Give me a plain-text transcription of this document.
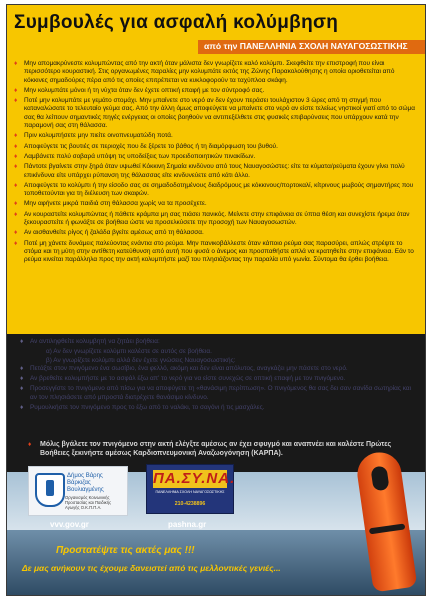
Συμβουλές για ασφαλή κολύμβηση
από την ΠΑΝΕΛΛΗΝΙΑ ΣΧΟΛΗ ΝΑΥΑΓΟΣΩΣΤΙΚΗΣ
♦ Μην απομακρύνεστε κολυμπώντας από την ακτή όταν μάλιστα δεν γνωρίζετε καλό κολύμπι. Σκεφθείτε την επιστροφή που είναι περισσότερο κουραστική. Στις οργανωμένες παραλίες μην κολυμπάτε εκτός της Ζώνης Παρακολούθησης η οποία οριοθετείται από κόκκινες σημαδούρες πέρα από τις οποίες επιτρέπεται να κυκλοφορούν τα ταχύπλοα σκάφη.
♦ Μην κολυμπάτε μόνοι ή τη νύχτα όταν δεν έχετε οπτική επαφή με τον σύντροφό σας.
♦ Ποτέ μην κολυμπάτε με γεμάτο στομάχι. Μην μπαίνετε στο νερό αν δεν έχουν περάσει τουλάχιστον 3 ώρες από τη στιγμή που καταναλώσατε το τελευταίο γεύμα σας. Από την άλλη όμως αποφεύγετε να μπαίνετε στο νερό αν είστε τελείως νηστικοί γιατί από το σώμα σας θα λείπουν σημαντικές πηγές ενέργειας οι οποίες βοηθούν να αντιπεξέλθετε στις φυσικές επιβαρύνσεις που υπάρχουν κατά την παραμονή σας στη θάλασσα.
♦ Πριν κολυμπήσετε μην πιείτε οινοπνευματώδη ποτά.
♦ Αποφεύγετε τις βουτιές σε περιοχές που δε ξέρετε το βάθος ή τη διαμόρφωση του βυθού.
♦ Λαμβάνετε πολύ σοβαρά υπόψη τις υποδείξεις των προειδοποιητικών πινακίδων.
♦ Πάντοτε βγαίνετε στην ξηρά όταν υψωθεί Κόκκινη Σημαία κινδύνου από τους Ναυαγοσώστες: είτε τα κύματα/ρεύματα έχουν γίνει πολύ επικίνδυνα είτε υπάρχει ρύπανση της θάλασσας είτε κινδυνεύετε από κάτι άλλο.
♦ Αποφεύγετε το κολύμπι ή την είσοδο σας σε σημαδοδοτημένους διαδρόμους με κόκκινους/πορτοκαλί, κίτρινους μωβούς σημαντήρες που τοποθετούνται για τη διέλευση των σκαφών.
♦ Μην αφήνετε μικρά παιδιά στη θάλασσα χωρίς να τα προσέχετε.
♦ Αν κουραστείτε κολυμπώντας ή πάθετε κράμπα μη σας πιάσει πανικός. Μείνετε στην επιφάνεια σε ύπτια θέση και συνεχίστε ήρεμα όταν ξεκουραστείτε ή φωνάξτε σε βοήθεια ώστε να προσελκύσετε την προσοχή των Ναυαγοσωστών.
♦ Αν αισθανθείτε ρίγος ή ζαλάδα βγείτε αμέσως από τη θάλασσα.
♦ Ποτέ μη χάνετε δυνάμεις παλεύοντας ενάντια στο ρεύμα. Μην πανικοβάλλεστε όταν κάποιο ρεύμα σας παρασύρει, απλώς στρέψτε το στόμα και τη μύτη στην αντίθετη κατεύθυνση από αυτή που φυσά ο άνεμος και προσπαθήστε απλά να κρατηθείτε στην επιφάνεια. Εάν το ρεύμα κινείται παράλληλα προς την ακτή κολυμπήστε μαζί του πλησιάζοντας την παραλία υπό γωνία. Σύντομα θα έρθει βοήθεια.
♦ Αν αντιληφθείτε κολυμβητή να ζητάει βοήθεια:
α) Αν δεν γνωρίζετε κολύμπι καλέστε σε αυτός σε βοήθεια.
β) Αν γνωρίζετε κολύμπι αλλά δεν έχετε γνώσεις Ναυαγοσωστικής:
♦ Πετάξτε στον πνιγόμενο ένα σωσίβιο, ένα φελλό, ακόμη και δεν είναι απόλυτος, αναγκάζει μην πάσετε στο νερό.
♦ Αν βρεθείτε κολυμπήστε με το ασφάλ έξω απ' το νερό για να είστε συνεχώς σε οπτική επαφή με τον πνιγόμενο.
♦ Προσεγγίστε το πνιγόμενο από πίσω για να αποφύγετε τη «θανάσιμη περίπτωση». Ο πνιγόμενος θα σας δει σαν σανίδα σωτηρίας και αν τον πλησιάσετε από μπροστά διατρέχετε θανάσιμο κίνδυνο.
♦ Ρυμουλκήστε τον πνιγόμενο προς το έξω από το ναλάκι, το σαγόνι ή τις μασχάλες.
♦ Μόλις βγάλετε τον πνιγόμενο στην ακτή ελέγξτε αμέσως αν έχει σφυγμό και αναπνέει και καλέστε Πρώτες Βοήθειες ξεκινήστε αμέσως Καρδιοπνευμονική Αναζωογόνηση (ΚΑΡΠΑ).
Δήμος Βάρης Βάρκιζας Βουλιαγμένης
Οργανισμός Κοινωνικής Προστασίας και Παιδικής Αγωγής Ο.Κ.Π.Π.Α.
ΠΑ.ΣΥ.ΝΑ.
ΠΑΝΕΛΛΗΝΙΑ ΣΧΟΛΗ ΝΑΥΑΓΟΣΩΣΤΙΚΗΣ
210-4238896
vvv.gov.gr	pashna.gr
Προστατέψτε τις ακτές μας !!!
Δε μας ανήκουν τις έχουμε δανειστεί από τις μελλοντικές γενιές...
